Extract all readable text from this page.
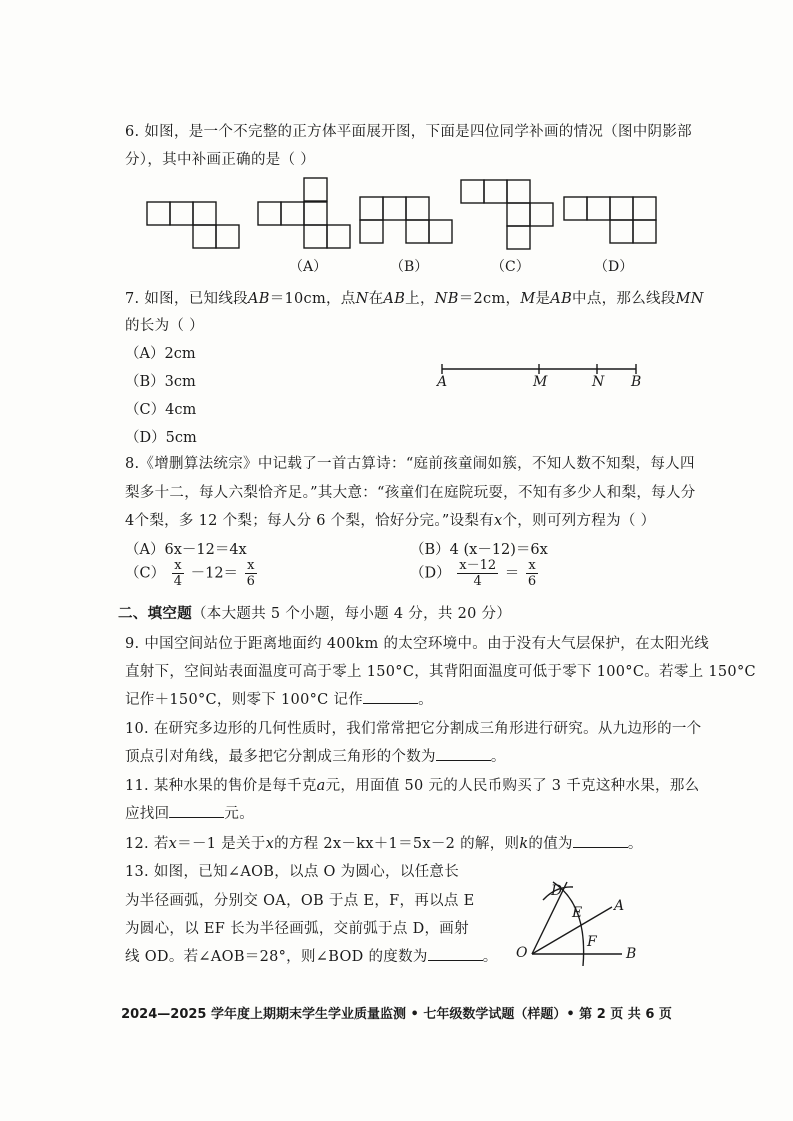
6. 如图，是一个不完整的正方体平面展开图，下面是四位同学补画的情况（图中阴影部
分），其中补画正确的是（ ）
（A）	（B）	（C）	（D）
7. 如图，已知线段AB＝10cm，点N在AB上，NB＝2cm，M是AB中点，那么线段MN
的长为（ ）
（A）2cm
（B）3cm
（C）4cm
（D）5cm
A	M	N B
8.《增删算法统宗》中记载了一首古算诗：“庭前孩童闹如簇，不知人数不知梨，每人四
梨多十二，每人六梨恰齐足。”其大意：“孩童们在庭院玩耍，不知有多少人和梨，每人分
4个梨，多 12 个梨；每人分 6 个梨，恰好分完。”设梨有x个，则可列方程为（ ）
（A）6x－12＝4x	（B）4 (x－12)＝6x
$(C) \frac{x}{4} -12= \frac{x}{6}$	$(D) \frac{x-12}{4} = \frac{x}{6}$
二、填空题（本大题共 5 个小题，每小题 4 分，共 20 分）
9. 中国空间站位于距离地面约 400km 的太空环境中。由于没有大气层保护，在太阳光线
直射下，空间站表面温度可高于零上 150°C，其背阳面温度可低于零下 100°C。若零上 150°C
记作＋150°C，则零下 100°C 记作	。
10. 在研究多边形的几何性质时，我们常常把它分割成三角形进行研究。从九边形的一个
顶点引对角线，最多把它分割成三角形的个数为	。
11. 某种水果的售价是每千克a元，用面值 50 元的人民币购买了 3 千克这种水果，那么
应找回	元。
12. 若x＝－1 是关于x的方程 2x－kx＋1＝5x－2 的解，则k的值为	。
13. 如图，已知∠AOB，以点 O 为圆心，以任意长
为半径画弧，分别交 OA，OB 于点 E，F，再以点 E
为圆心，以 EF 长为半径画弧，交前弧于点 D，画射
线 OD。若∠AOB＝28°，则∠BOD 的度数为	。
D
E A
O
F
B
2024—2025 学年度上期期末学生学业质量监测 • 七年级数学试题（样题）• 第 2 页 共 6 页
